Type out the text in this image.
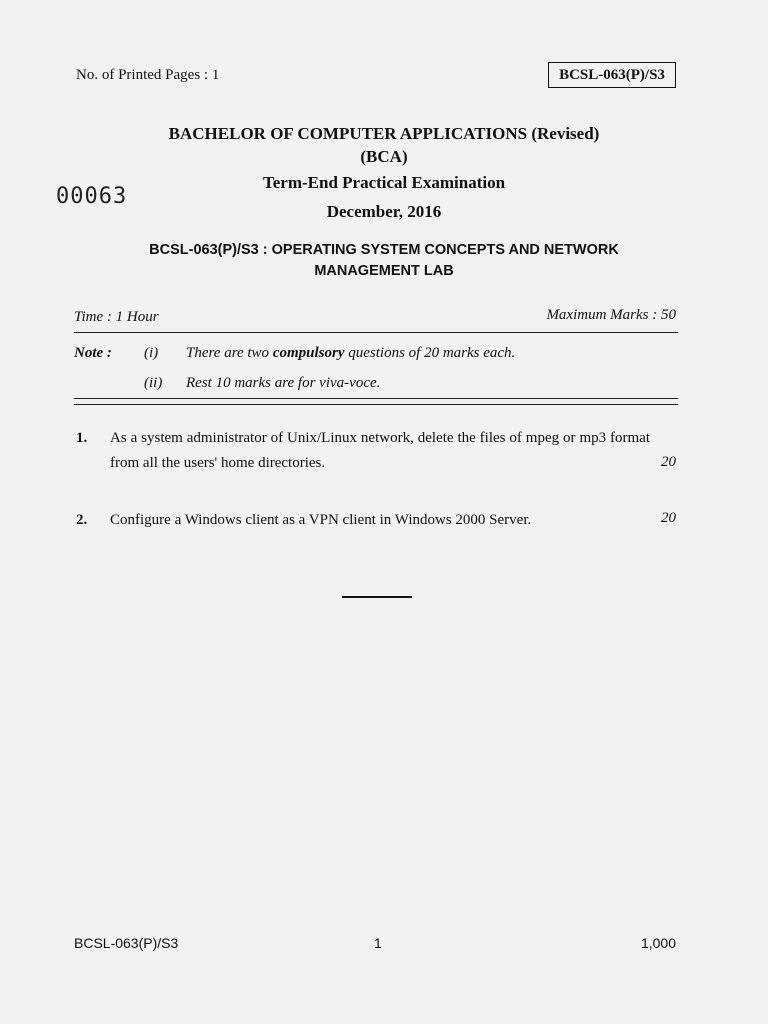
No. of Printed Pages : 1	BCSL-063(P)/S3
BACHELOR OF COMPUTER APPLICATIONS (Revised)
(BCA)
00063
Term-End Practical Examination
December, 2016
BCSL-063(P)/S3 : OPERATING SYSTEM CONCEPTS AND NETWORK
MANAGEMENT LAB
Time : 1 Hour	Maximum Marks : 50
Note : (i) There are two compulsory questions of 20 marks each.
(ii) Rest 10 marks are for viva-voce.
1. As a system administrator of Unix/Linux network, delete the files of mpeg or mp3 format from all the users' home directories.	20
2. Configure a Windows client as a VPN client in Windows 2000 Server.	20
BCSL-063(P)/S3	1	1,000
